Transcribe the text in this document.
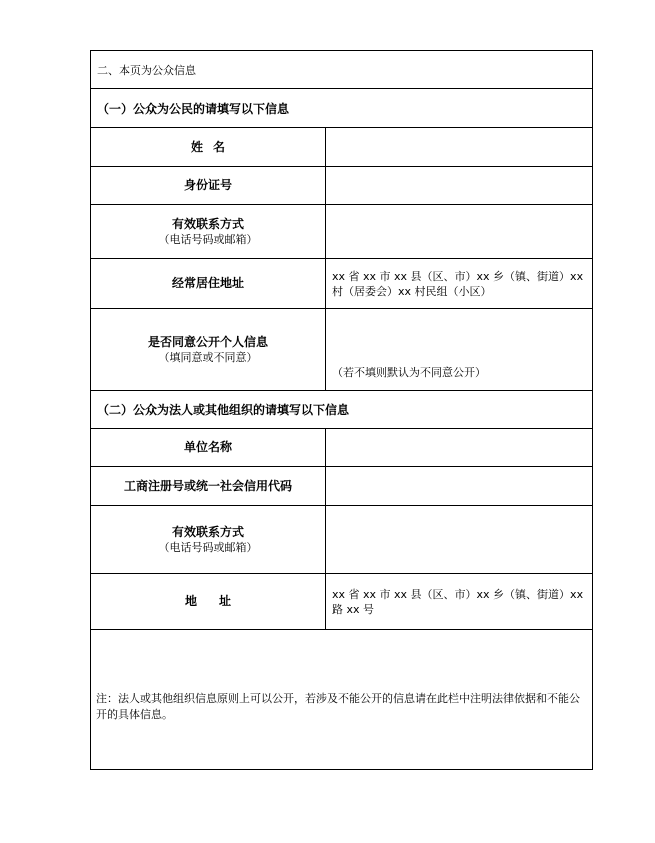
二、本页为公众信息
（一）公众为公民的请填写以下信息
姓名
身份证号
有效联系方式
（电话号码或邮箱）
经常居住地址	xx 省 xx 市 xx 县（区、市）xx 乡（镇、街道）xx 村（居委会）xx 村民组（小区）
是否同意公开个人信息
（填同意或不同意）
（若不填则默认为不同意公开）
（二）公众为法人或其他组织的请填写以下信息
单位名称
工商注册号或统一社会信用代码
有效联系方式
（电话号码或邮箱）
地址	xx 省 xx 市 xx 县（区、市）xx 乡（镇、街道）xx 路 xx 号
注：法人或其他组织信息原则上可以公开，若涉及不能公开的信息请在此栏中注明法律依据和不能公开的具体信息。
